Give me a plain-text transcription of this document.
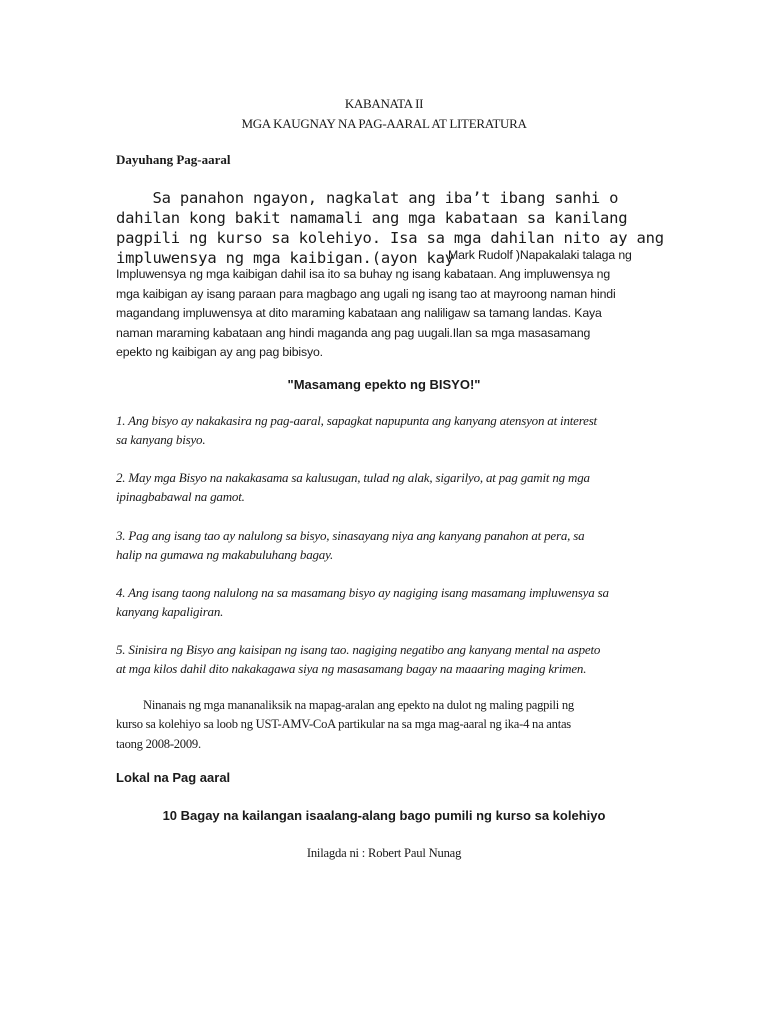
KABANATA II
MGA KAUGNAY NA PAG-AARAL AT LITERATURA
Dayuhang Pag-aaral
Sa panahon ngayon, nagkalat ang iba’t ibang sanhi o
dahilan kong bakit namamali ang mga kabataan sa kanilang
pagpili ng kurso sa kolehiyo. Isa sa mga dahilan nito ay ang
impluwensya ng mga kaibigan.(ayon kay
Mark Rudolf )Napakalaki talaga ng
Impluwensya ng mga kaibigan dahil isa ito sa buhay ng isang kabataan. Ang impluwensya ng
mga kaibigan ay isang paraan para magbago ang ugali ng isang tao at mayroong naman hindi
magandang impluwensya at dito maraming kabataan ang naliligaw sa tamang landas. Kaya
naman maraming kabataan ang hindi maganda ang pag uugali.Ilan sa mga masasamang
epekto ng kaibigan ay ang pag bibisyo.
"Masamang epekto ng BISYO!"
1. Ang bisyo ay nakakasira ng pag-aaral, sapagkat napupunta ang kanyang atensyon at interest
sa kanyang bisyo.
2. May mga Bisyo na nakakasama sa kalusugan, tulad ng alak, sigarilyo, at pag gamit ng mga
ipinagbabawal na gamot.
3. Pag ang isang tao ay nalulong sa bisyo, sinasayang niya ang kanyang panahon at pera, sa
halip na gumawa ng makabuluhang bagay.
4. Ang isang taong nalulong na sa masamang bisyo ay nagiging isang masamang impluwensya sa
kanyang kapaligiran.
5. Sinisira ng Bisyo ang kaisipan ng isang tao. nagiging negatibo ang kanyang mental na aspeto
at mga kilos dahil dito nakakagawa siya ng masasamang bagay na maaaring maging krimen.
Ninanais ng mga mananaliksik na mapag-aralan ang epekto na dulot ng maling pagpili ng
kurso sa kolehiyo sa loob ng UST-AMV-CoA partikular na sa mga mag-aaral ng ika-4 na antas
taong 2008-2009.
Lokal na Pag aaral
10 Bagay na kailangan isaalang-alang bago pumili ng kurso sa kolehiyo
Inilagda ni : Robert Paul Nunag
